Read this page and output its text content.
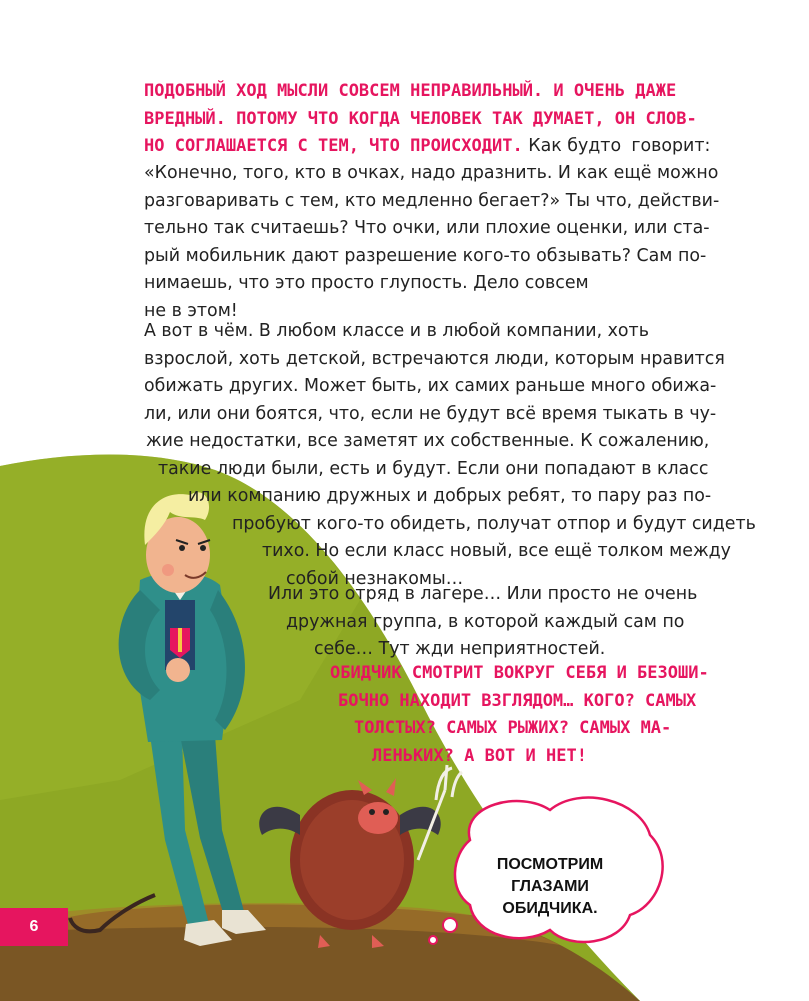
ПОДОБНЫЙ ХОД МЫСЛИ СОВСЕМ НЕПРАВИЛЬНЫЙ. И ОЧЕНЬ ДАЖЕ
ВРЕДНЫЙ. ПОТОМУ ЧТО КОГДА ЧЕЛОВЕК ТАК ДУМАЕТ, ОН СЛОВ-
НО СОГЛАШАЕТСЯ С ТЕМ, ЧТО ПРОИСХОДИТ. Как будто говорит:
«Конечно, того, кто в очках, надо дразнить. И как ещё можно
разговаривать с тем, кто медленно бегает?» Ты что, действи-
тельно так считаешь? Что очки, или плохие оценки, или ста-
рый мобильник дают разрешение кого-то обзывать? Сам по-
нимаешь, что это просто глупость. Дело совсем
не в этом!
А вот в чём. В любом классе и в любой компании, хоть
взрослой, хоть детской, встречаются люди, которым нравится
обижать других. Может быть, их самих раньше много обижа-
ли, или они боятся, что, если не будут всё время тыкать в чу-
жие недостатки, все заметят их собственные. К сожалению,
такие люди были, есть и будут. Если они попадают в класс
или компанию дружных и добрых ребят, то пару раз по-
пробуют кого-то обидеть, получат отпор и будут сидеть
тихо. Но если класс новый, все ещё толком между
собой незнакомы…
Или это отряд в лагере… Или просто не очень
дружная группа, в которой каждый сам по
себе… Тут жди неприятностей.
ОБИДЧИК СМОТРИТ ВОКРУГ СЕБЯ И БЕЗОШИ-
БОЧНО НАХОДИТ ВЗГЛЯДОМ… КОГО? САМЫХ
ТОЛСТЫХ? САМЫХ РЫЖИХ? САМЫХ МА-
ЛЕНЬКИХ? А ВОТ И НЕТ!
ПОСМОТРИМ
ГЛАЗАМИ
ОБИДЧИКА.
6
